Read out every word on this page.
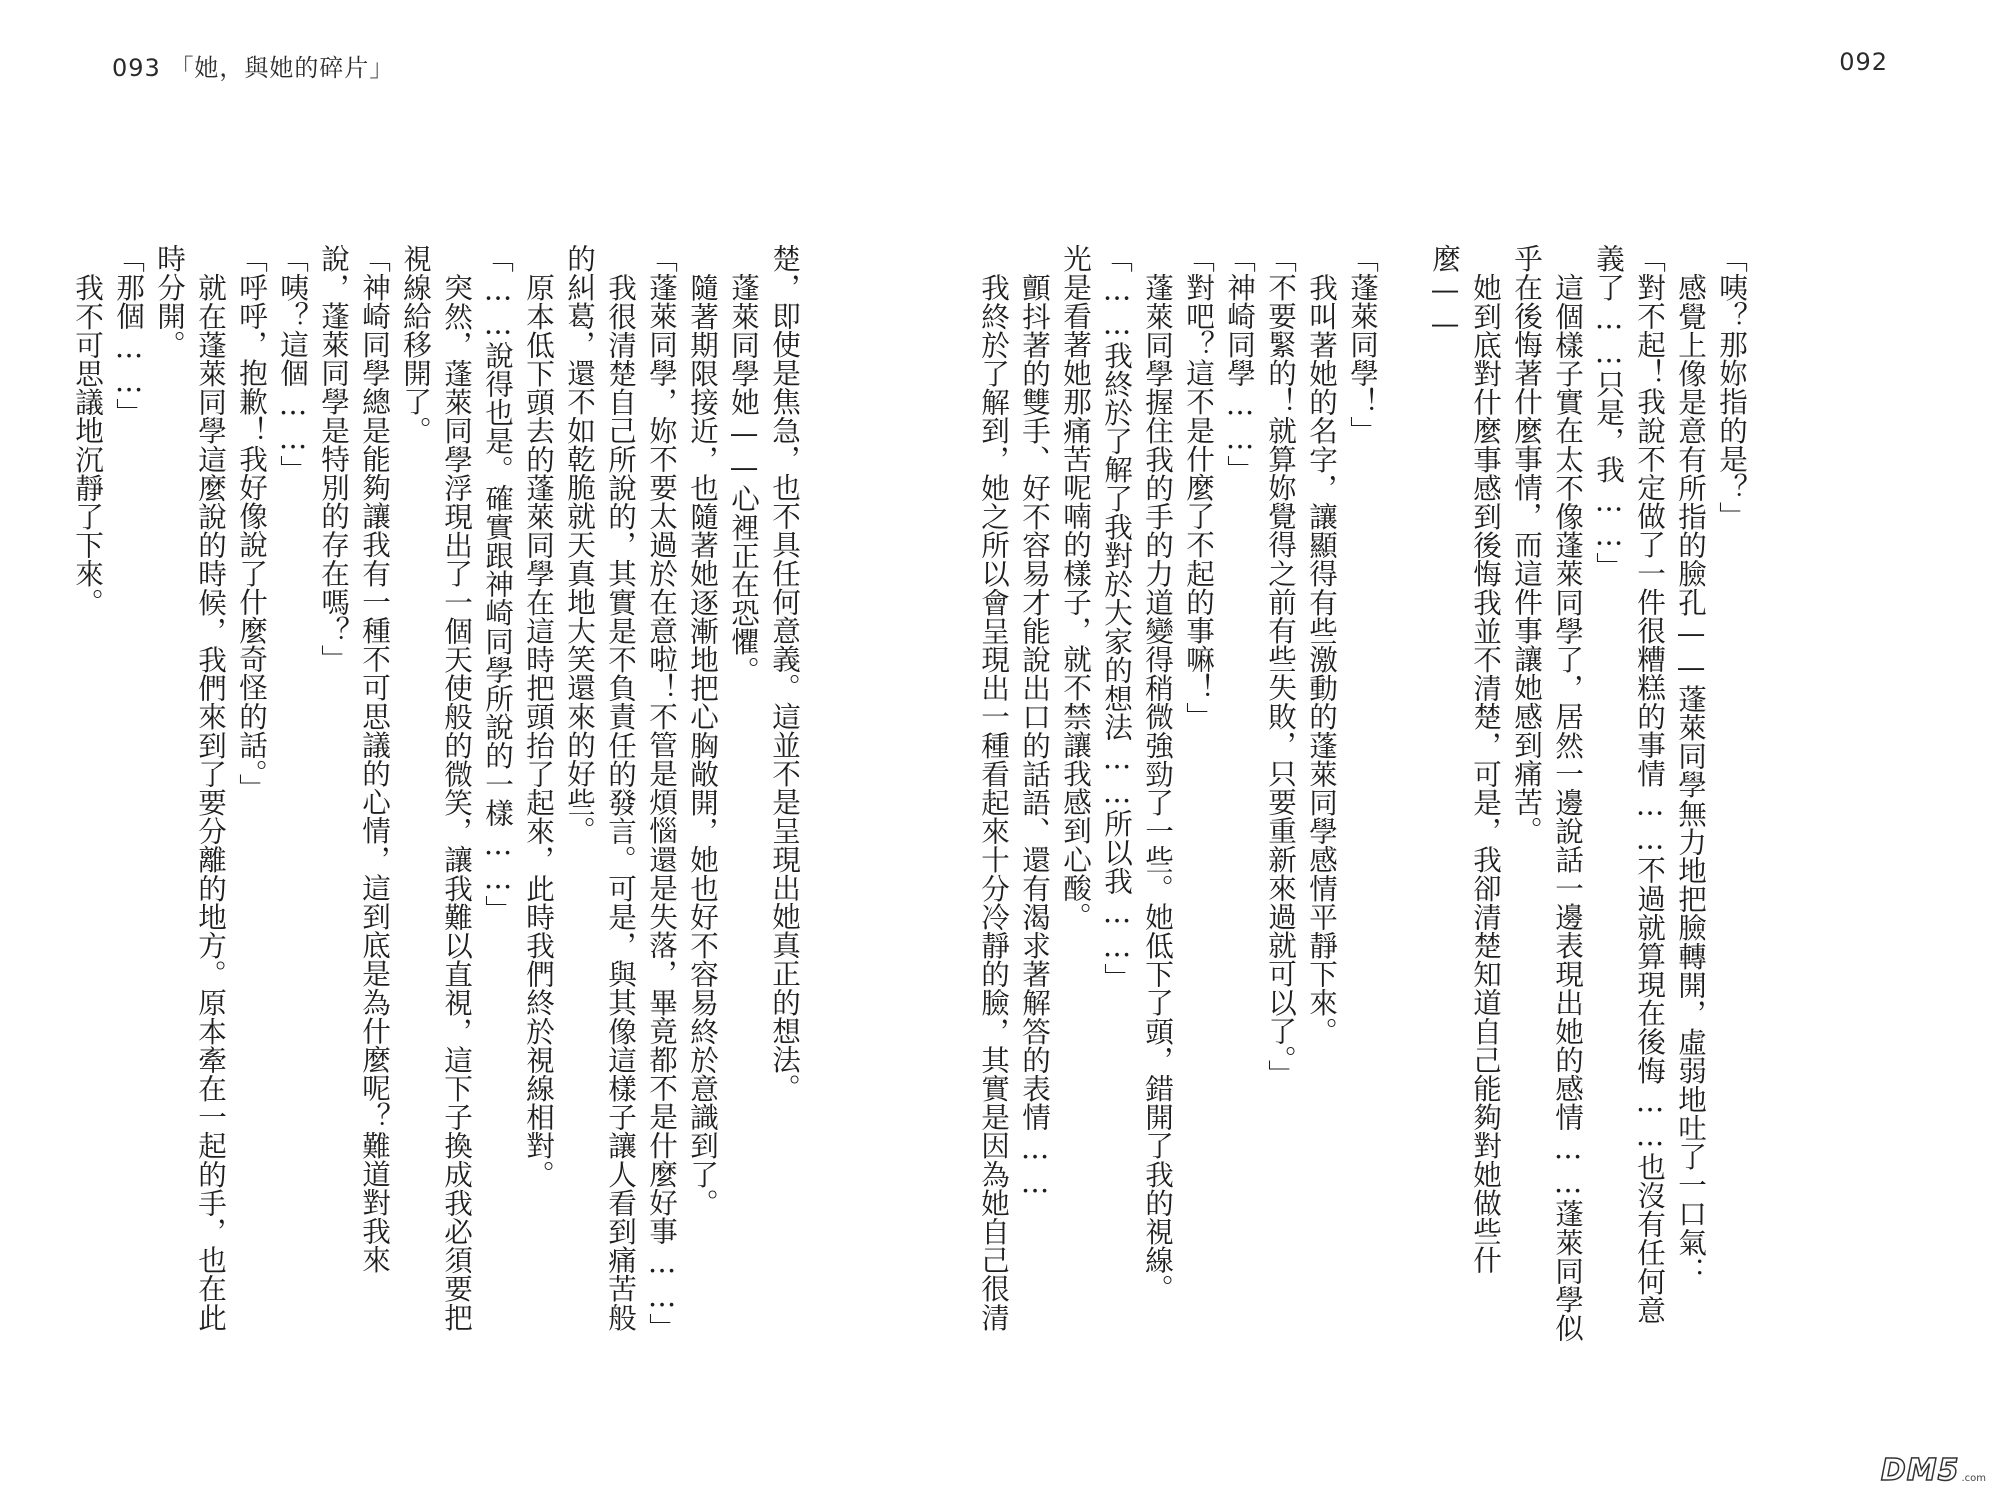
093 「她，與她的碎片」	092

「咦？那妳指的是？」

感覺上像是意有所指的臉孔——蓬萊同學無力地把臉轉開，虛弱地吐了一口氣：

「對不起！我說不定做了一件很糟糕的事情……不過就算現在後悔……也沒有任何意

義了……只是，我……」

這個樣子實在太不像蓬萊同學了，居然一邊說話一邊表現出她的感情……蓬萊同學似

乎在後悔著什麼事情，而這件事讓她感到痛苦。

她到底對什麼事感到後悔我並不清楚，可是，我卻清楚知道自己能夠對她做些什

麼——

「蓬萊同學！」

我叫著她的名字，讓顯得有些激動的蓬萊同學感情平靜下來。

「不要緊的！就算妳覺得之前有些失敗，只要重新來過就可以了。」

「神崎同學……」

「對吧？這不是什麼了不起的事嘛！」

蓬萊同學握住我的手的力道變得稍微強勁了一些。她低下了頭，錯開了我的視線。

「……我終於了解了我對於大家的想法……所以我……」

光是看著她那痛苦呢喃的樣子，就不禁讓我感到心酸。

顫抖著的雙手、好不容易才能說出口的話語、還有渴求著解答的表情……

我終於了解到，她之所以會呈現出一種看起來十分冷靜的臉，其實是因為她自己很清

楚，即使是焦急，也不具任何意義。這並不是呈現出她真正的想法。

蓬萊同學她——心裡正在恐懼。

隨著期限接近，也隨著她逐漸地把心胸敞開，她也好不容易終於意識到了。

「蓬萊同學，妳不要太過於在意啦！不管是煩惱還是失落，畢竟都不是什麼好事……」

我很清楚自己所說的，其實是不負責任的發言。可是，與其像這樣子讓人看到痛苦般

的糾葛，還不如乾脆就天真地大笑還來的好些。

原本低下頭去的蓬萊同學在這時把頭抬了起來，此時我們終於視線相對。

「……說得也是。確實跟神崎同學所說的一樣……」

突然，蓬萊同學浮現出了一個天使般的微笑，讓我難以直視，這下子換成我必須要把

視線給移開了。

「神崎同學總是能夠讓我有一種不可思議的心情，這到底是為什麼呢？難道對我來

說，蓬萊同學是特別的存在嗎？」

「咦？這個……」

「呼呼，抱歉！我好像說了什麼奇怪的話。」

就在蓬萊同學這麼說的時候，我們來到了要分離的地方。原本牽在一起的手，也在此

時分開。

「那個……」

我不可思議地沉靜了下來。

DM5 .com
